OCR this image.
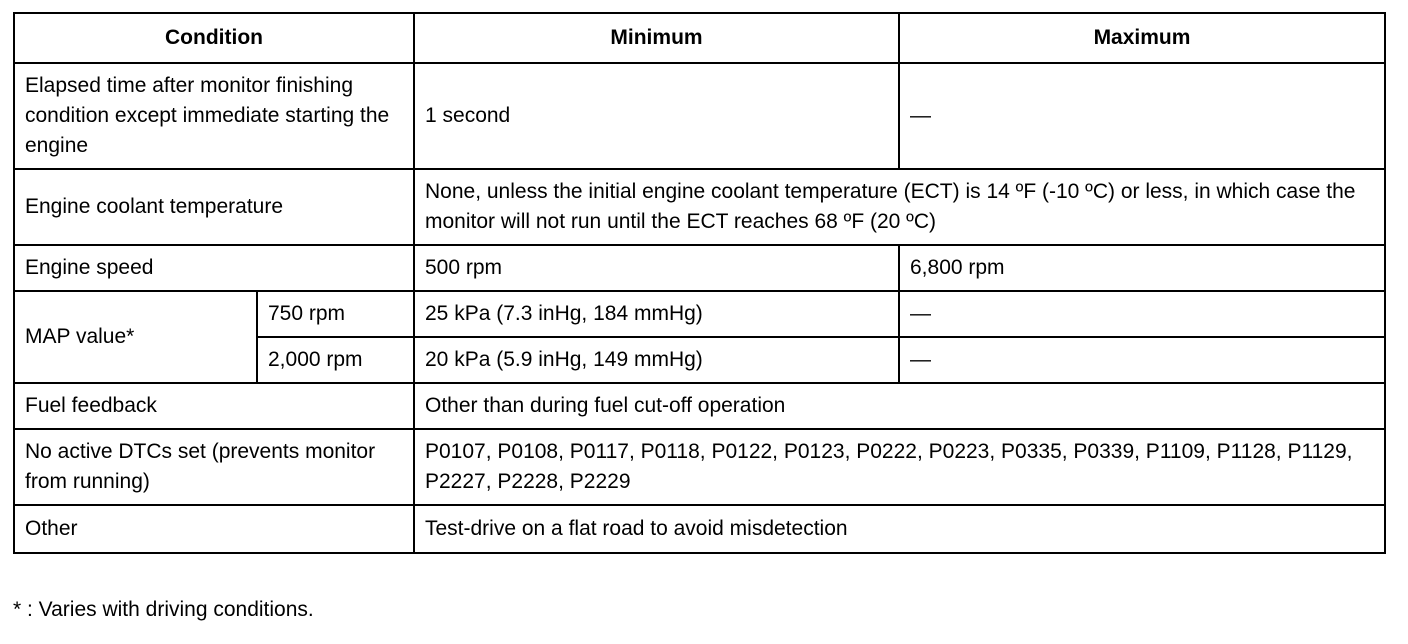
Condition		Minimum	Maximum
Elapsed time after monitor finishing condition except immediate starting the engine		1 second	—
Engine coolant temperature		None, unless the initial engine coolant temperature (ECT) is 14 ºF (-10 ºC) or less, in which case the monitor will not run until the ECT reaches 68 ºF (20 ºC)	
Engine speed		500 rpm	6,800 rpm
MAP value*	750 rpm	25 kPa (7.3 inHg, 184 mmHg)	—
	2,000 rpm	20 kPa (5.9 inHg, 149 mmHg)	—
Fuel feedback		Other than during fuel cut-off operation	
No active DTCs set (prevents monitor from running)		P0107, P0108, P0117, P0118, P0122, P0123, P0222, P0223, P0335, P0339, P1109, P1128, P1129, P2227, P2228, P2229	
Other		Test-drive on a flat road to avoid misdetection	
* : Varies with driving conditions.
